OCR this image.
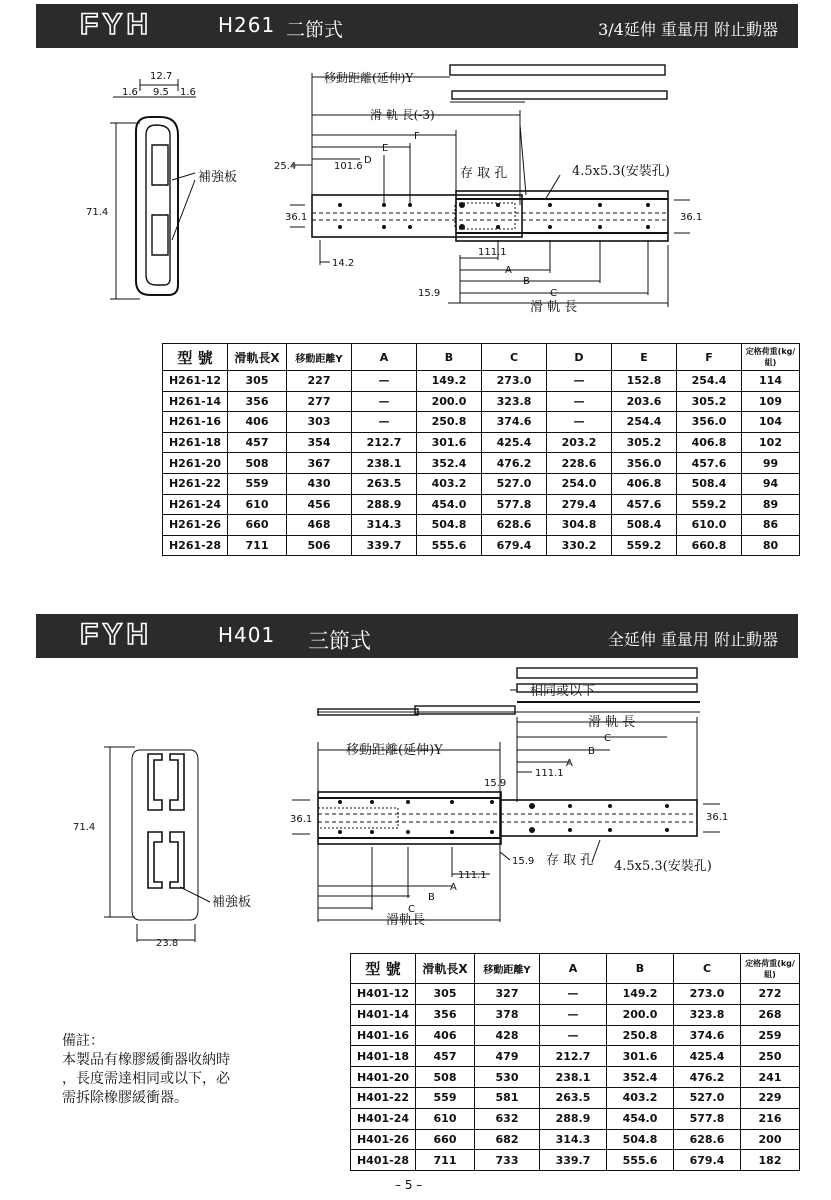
FYH	H261 二節式	3/4延伸 重量用 附止動器
12.7
1.6 9.5 1.6
71.4
補強板
移動距離(延伸)Y
滑 軌 長(-3)
F
E
D
25.4	101.6	存 取 孔	4.5x5.3(安裝孔)
36.1	36.1
14.2
111.1
A
B
15.9	C
滑 軌 長
型 號	滑軌長X	移動距離Y	A	B	C	D	E	F	定格荷重(kg/組)
H261-12	305	227	—	149.2	273.0	—	152.8	254.4	114
H261-14	356	277	—	200.0	323.8	—	203.6	305.2	109
H261-16	406	303	—	250.8	374.6	—	254.4	356.0	104
H261-18	457	354	212.7	301.6	425.4	203.2	305.2	406.8	102
H261-20	508	367	238.1	352.4	476.2	228.6	356.0	457.6	99
H261-22	559	430	263.5	403.2	527.0	254.0	406.8	508.4	94
H261-24	610	456	288.9	454.0	577.8	279.4	457.6	559.2	89
H261-26	660	468	314.3	504.8	628.6	304.8	508.4	610.0	86
H261-28	711	506	339.7	555.6	679.4	330.2	559.2	660.8	80
FYH	H401 三節式	全延伸 重量用 附止動器
相同或以下
滑 軌 長
C
B
A
111.1
15.9
移動距離(延伸)Y
36.1	36.1
71.4
15.9 存 取 孔 4.5x5.3(安裝孔)
111.1
A
B
C
滑軌長
補強板
23.8
型 號	滑軌長X	移動距離Y	A	B	C	定格荷重(kg/組)
H401-12	305	327	—	149.2	273.0	272
H401-14	356	378	—	200.0	323.8	268
H401-16	406	428	—	250.8	374.6	259
H401-18	457	479	212.7	301.6	425.4	250
H401-20	508	530	238.1	352.4	476.2	241
H401-22	559	581	263.5	403.2	527.0	229
H401-24	610	632	288.9	454.0	577.8	216
H401-26	660	682	314.3	504.8	628.6	200
H401-28	711	733	339.7	555.6	679.4	182
備註：
本製品有橡膠緩衝器收納時
，長度需達相同或以下，必
需拆除橡膠緩衝器。
– 5 –
